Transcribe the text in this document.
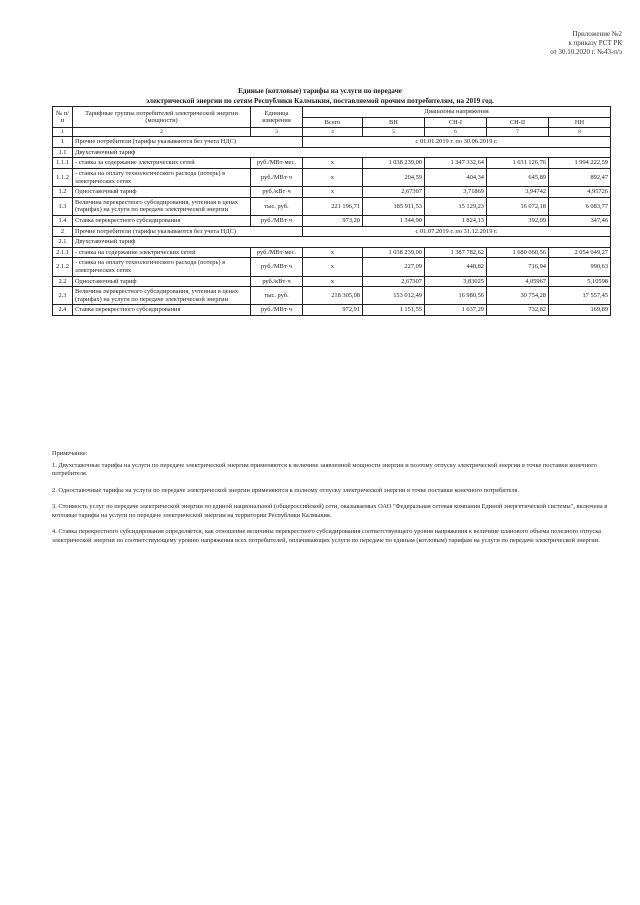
Приложение №2
к приказу РСТ РК
от 30.10.2020 г. №43-п/э
Единые (котловые) тарифы на услуги по передаче
электрической энергии по сетям Республики Калмыкия, поставляемой прочим потребителям, на 2019 год.
№ п/п	Тарифные группы потребителей электрической энергии (мощности)	Единица измерения	Диапазоны напряжения				
			Всего	ВН	СН-I	СН-II	НН
1	2	3	4	5	6	7	8
1	Прочие потребители (тарифы указываются без учета НДС)		с 01.01.2019 г. по 30.06.2019 г.				
1.1	Двухставочный тариф						
1.1.1	- ставка за содержание электрических сетей	руб./МВт·мес.	x	1 038 239,00	1 347 332,64	1 631 126,76	1 994 222,59
1.1.2	- ставка на оплату технологического расхода (потерь) в электрических сетях	руб./МВт·ч	x	204,59	404,34	645,89	892,47
1.2	Одноставочный тариф	руб./кВт·ч	x	2,67307	3,71869	3,94742	4,95726
1.3	Величина перекрестного субсидирования, учтенная в ценах (тарифах) на услуги по передаче электрической энергии	тыс. руб.	221 196,71	185 911,53	15 129,23	16 072,18	6 083,77
1.4	Ставка перекрестного субсидирования	руб./МВт·ч	973,20	1 344,90	1 824,13	392,09	347,46
2	Прочие потребители (тарифы указываются без учета НДС)		с 01.07.2019 г. по 31.12.2019 г.				
2.1	Двухставочный тариф						
2.1.1	- ставка на содержание электрических сетей	руб./МВт·мес.	x	1 038 239,00	1 387 782,62	1 680 060,56	2 054 049,27
2.1.2	- ставка на оплату технологического расхода (потерь) в электрических сетях	руб./МВт·ч	x	227,09	448,82	716,94	990,63
2.2	Одноставочный тариф	руб./кВт·ч	x	2,67307	3,83025	4,05967	5,10598
2.3	Величина перекрестного субсидирования, учтенная в ценах (тарифах) на услуги по передаче электрической энергии	тыс. руб.	218 305,08	153 012,49	16 980,56	30 754,28	17 557,45
2.4	Ставка перекрестного субсидирования	руб./МВт·ч	972,91	1 151,55	1 637,29	732,82	169,89

Примечание:

1. Двухставочные тарифы на услуги по передаче электрической энергии применяются к величине заявленной мощности энергии и поэтому отпуску электрической энергии в точке поставки конечного потребителя.

2. Одноставочные тарифы на услуги по передаче электрической энергии применяются к полному отпуску электрической энергии в точке поставки конечного потребителя.

3. Стоимость услуг по передаче электрической энергии по единой национальной (общероссийской) сети, оказываемых ОАО "Федеральная сетевая компания Единой энергетической системы", включена в котловые тарифы на услуги по передаче электрической энергии на территории Республики Калмыкия.

4. Ставка перекрестного субсидирования определяется, как отношение величины перекрестного субсидирования соответствующего уровня напряжения к величине планового объема полезного отпуска электрической энергии по соответствующему уровню напряжения всех потребителей, оплачивающих услуги по передаче по единым (котловым) тарифам на услуги по передаче электрической энергии.
